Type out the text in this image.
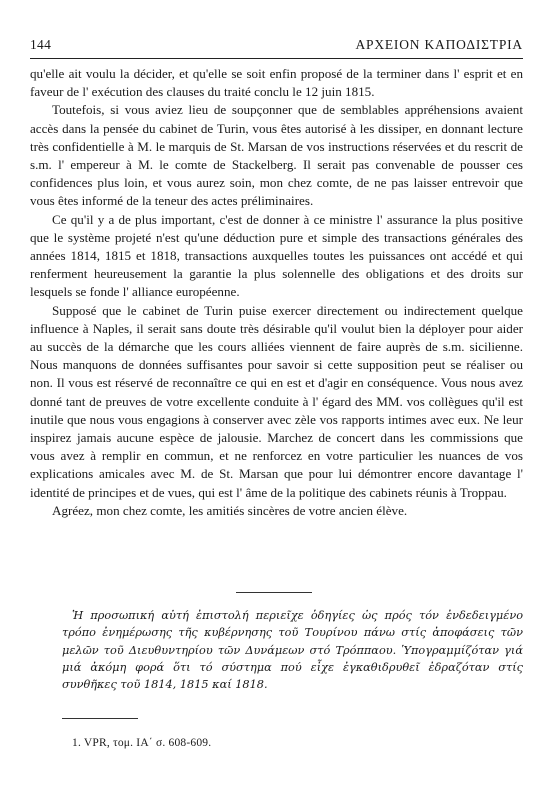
144	ΑΡΧΕΙΟΝ ΚΑΠΟΔΙΣΤΡΙΑ

qu'elle ait voulu la décider, et qu'elle se soit enfin proposé de la terminer dans l' esprit et en faveur de l' exécution des clauses du traité conclu le 12 juin 1815.

Toutefois, si vous aviez lieu de soupçonner que de semblables appréhensions avaient accès dans la pensée du cabinet de Turin, vous êtes autorisé à les dissiper, en donnant lecture très confidentielle à M. le marquis de St. Marsan de vos instructions réservées et du rescrit de s.m. l' empereur à M. le comte de Stackelberg. Il serait pas convenable de pousser ces confidences plus loin, et vous aurez soin, mon chez comte, de ne pas laisser entrevoir que vous êtes informé de la teneur des actes préliminaires.

Ce qu'il y a de plus important, c'est de donner à ce ministre l' assurance la plus positive que le système projeté n'est qu'une déduction pure et simple des transactions générales des années 1814, 1815 et 1818, transactions auxquelles toutes les puissances ont accédé et qui renferment heureusement la garantie la plus solennelle des obligations et des droits sur lesquels se fonde l' alliance européenne.

Supposé que le cabinet de Turin puise exercer directement ou indirectement quelque influence à Naples, il serait sans doute très désirable qu'il voulut bien la déployer pour aider au succès de la démarche que les cours alliées viennent de faire auprès de s.m. sicilienne. Nous manquons de données suffisantes pour savoir si cette supposition peut se réaliser ou non. Il vous est réservé de reconnaître ce qui en est et d'agir en conséquence. Vous nous avez donné tant de preuves de votre excellente conduite à l' égard des MM. vos collègues qu'il est inutile que nous vous engagions à conserver avec zèle vos rapports intimes avec eux. Ne leur inspirez jamais aucune espèce de jalousie. Marchez de concert dans les commissions que vous avez à remplir en commun, et ne renforcez en votre particulier les nuances de vos explications amicales avec M. de St. Marsan que pour lui démontrer encore davantage l' identité de principes et de vues, qui est l' âme de la politique des cabinets réunis à Troppau.

Agréez, mon chez comte, les amitiés sincères de votre ancien élève.

Ἡ προσωπική αὐτή ἐπιστολή περιεῖχε ὁδηγίες ὡς πρός τόν ἐνδεδειγμένο τρόπο ἐνημέρωσης τῆς κυβέρνησης τοῦ Τουρίνου πάνω στίς ἀποφάσεις τῶν μελῶν τοῦ Διευθυντηρίου τῶν Δυνάμεων στό Τρόππαου. Ὑπογραμμίζόταν γιά μιά ἀκόμη φορά ὅτι τό σύστημα πού εἶχε ἐγκαθιδρυθεῖ ἐδραζόταν στίς συνθῆκες τοῦ 1814, 1815 καί 1818.

1. VPR, τομ. ΙΑ΄ σ. 608-609.
